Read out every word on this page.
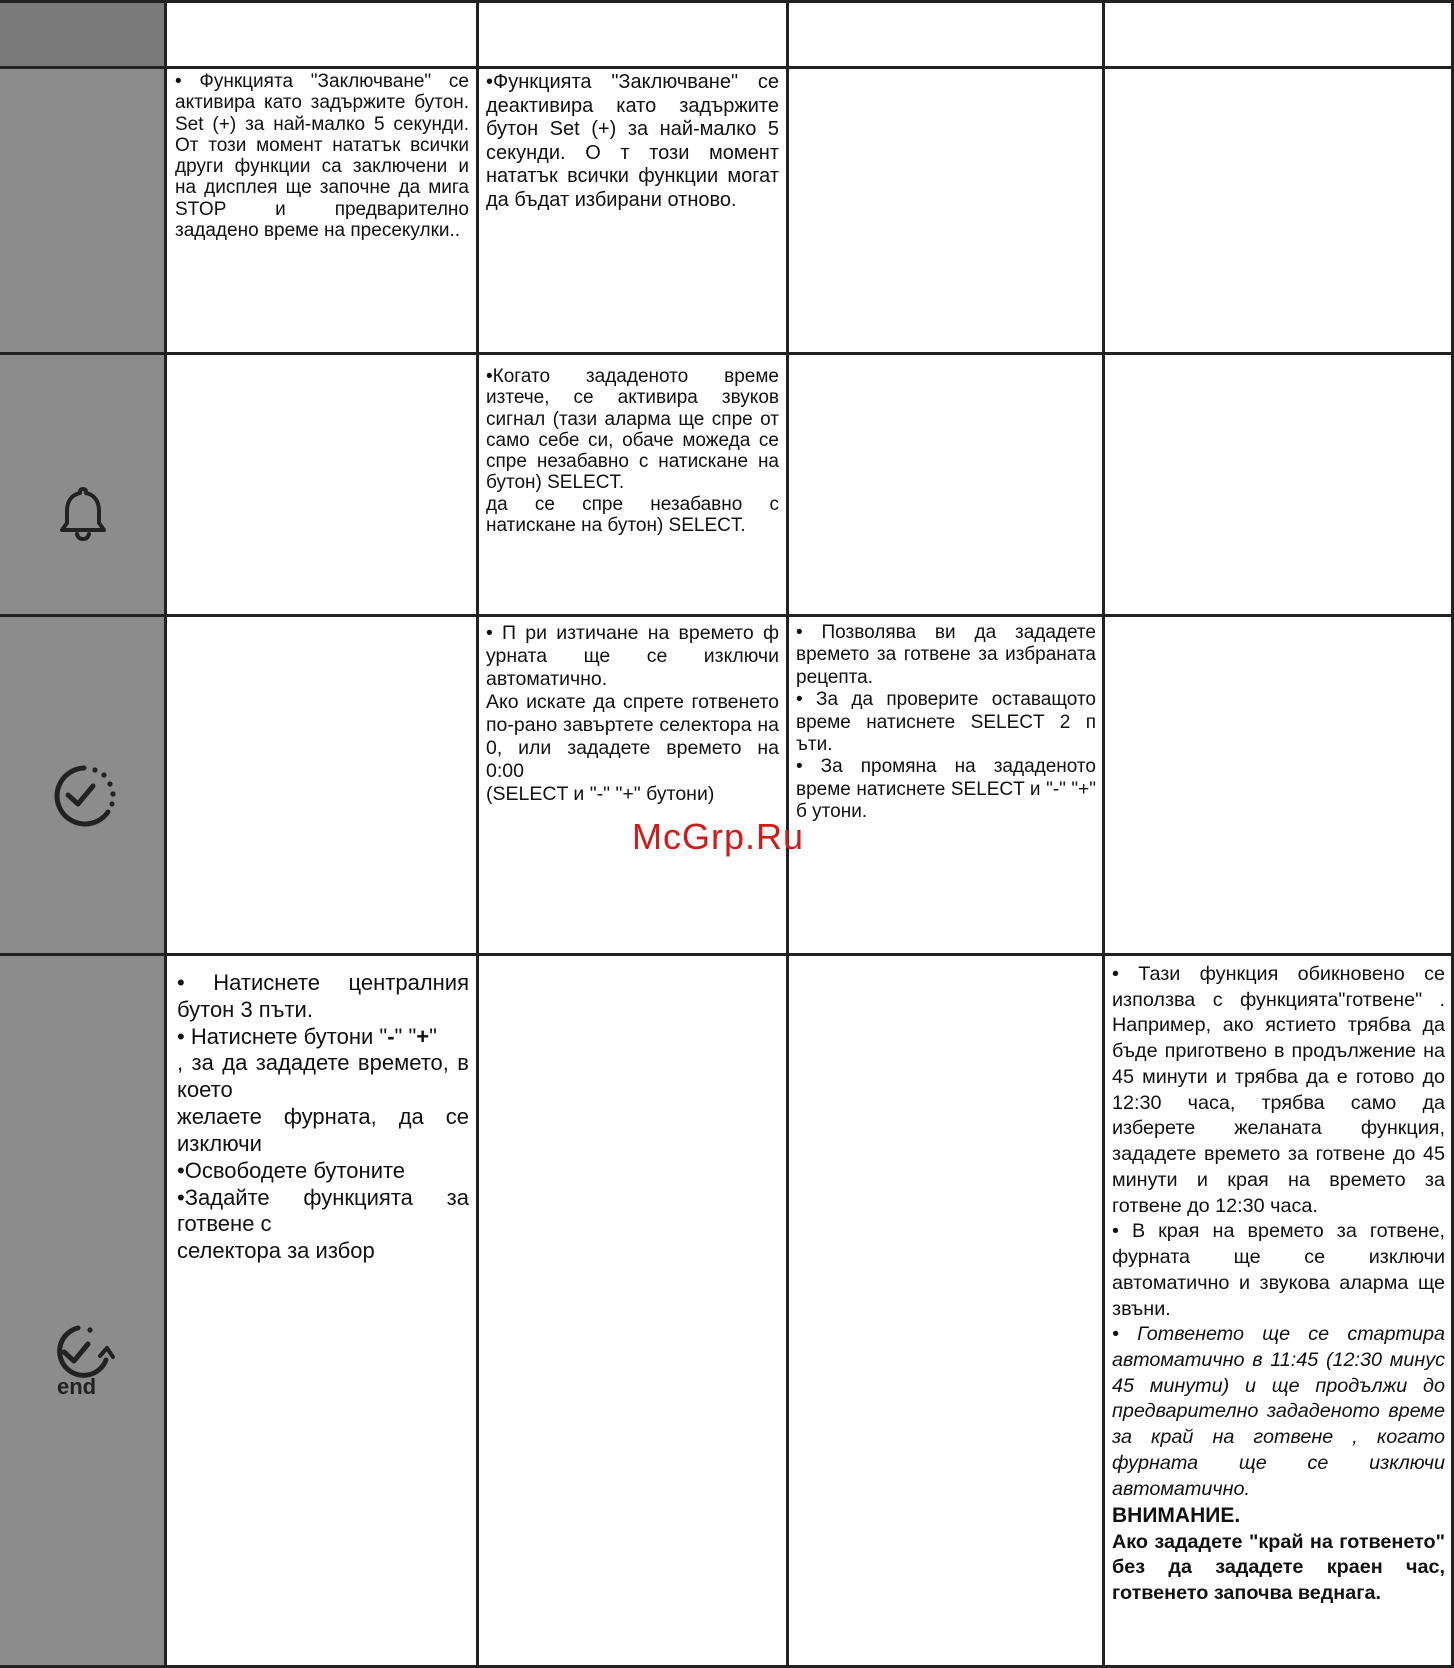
• Функцията "Заключване" се активира като задържите бутон. Set (+) за най-малко 5 секунди. От този момент нататък всички други функции са заключени и на дисплея ще започне да мига STOP и предварително зададено време на пресекулки..

•Функцията "Заключване" се деактивира като задържите бутон Set (+) за най-малко 5 секунди. О т този момент нататък всички функции могат да бъдат избирани отново.

•Когато зададеното време изтече, се активира звуков сигнал (тази аларма ще спре от само себе си, обаче можеда се спре незабавно с натискане на бутон) SELECT.

да се спре незабавно с натискане на бутон) SELECT.

• П ри изтичане на времето ф урната ще се изключи автоматично.

Ако искате да спрете готвенето по-рано завъртете селектора на 0, или зададете времето на 0:00

(SELECT и "-" "+" бутони)

• Позволява ви да зададете времето за готвене за избраната рецепта.

• За да проверите оставащото време натиснете SELECT 2 п ъти.

• За промяна на зададеното време натиснете SELECT и "-" "+" б утони.

McGrp.Ru
end

• Натиснете централния бутон 3 пъти.

• Натиснете бутони "-" "+"

, за да зададете времето, в което

желаете фурната, да се изключи

•Освободете бутоните

•Задайте функцията за готвене с

селектора за избор

• Тази функция обикновено се използва с функцията"готвене" . Например, ако ястието трябва да бъде приготвено в продължение на 45 минути и трябва да е готово до 12:30 часа, трябва само да изберете желаната функция, зададете времето за готвене до 45 минути и края на времето за готвене до 12:30 часа.

• В края на времето за готвене, фурната ще се изключи автоматично и звукова аларма ще звъни.

• Готвенето ще се стартира автоматично в 11:45 (12:30 минус 45 минути) и ще продължи до предварително зададеното време за край на готвене , когато фурната ще се изключи автоматично.

ВНИМАНИЕ.

Ако зададете "край на готвенето" без да зададете краен час, готвенето започва веднага.
